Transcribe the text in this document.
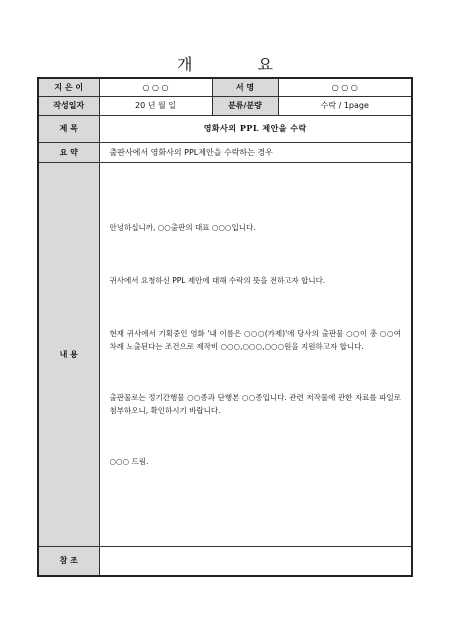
개 요
지 은 이	○ ○ ○	서 명	○ ○ ○
작성일자	20 년 월 일	분류/분량	수락 / 1page
제 목	영화사의 PPL 제안을 수락		
요 약	출판사에서 영화사의 PPL제안을 수락하는 경우		
내 용	안녕하십니까, ○○출판의 대표 ○○○입니다.

귀사에서 요청하신 PPL 제안에 대해 수락의 뜻을 전하고자 합니다.

현재 귀사에서 기획중인 영화 '내 이름은 ○○○(가제)'에 당사의 출판물 ○○이 총 ○○여 차례 노출된다는 조건으로 제작비 ○○○,○○○,○○○원을 지원하고자 합니다.

출판물로는 정기간행물 ○○종과 단행본 ○○종입니다. 관련 저작물에 관한 자료를 파일로 첨부하오니, 확인하시기 바랍니다.

○○○ 드림.		

참 조			
